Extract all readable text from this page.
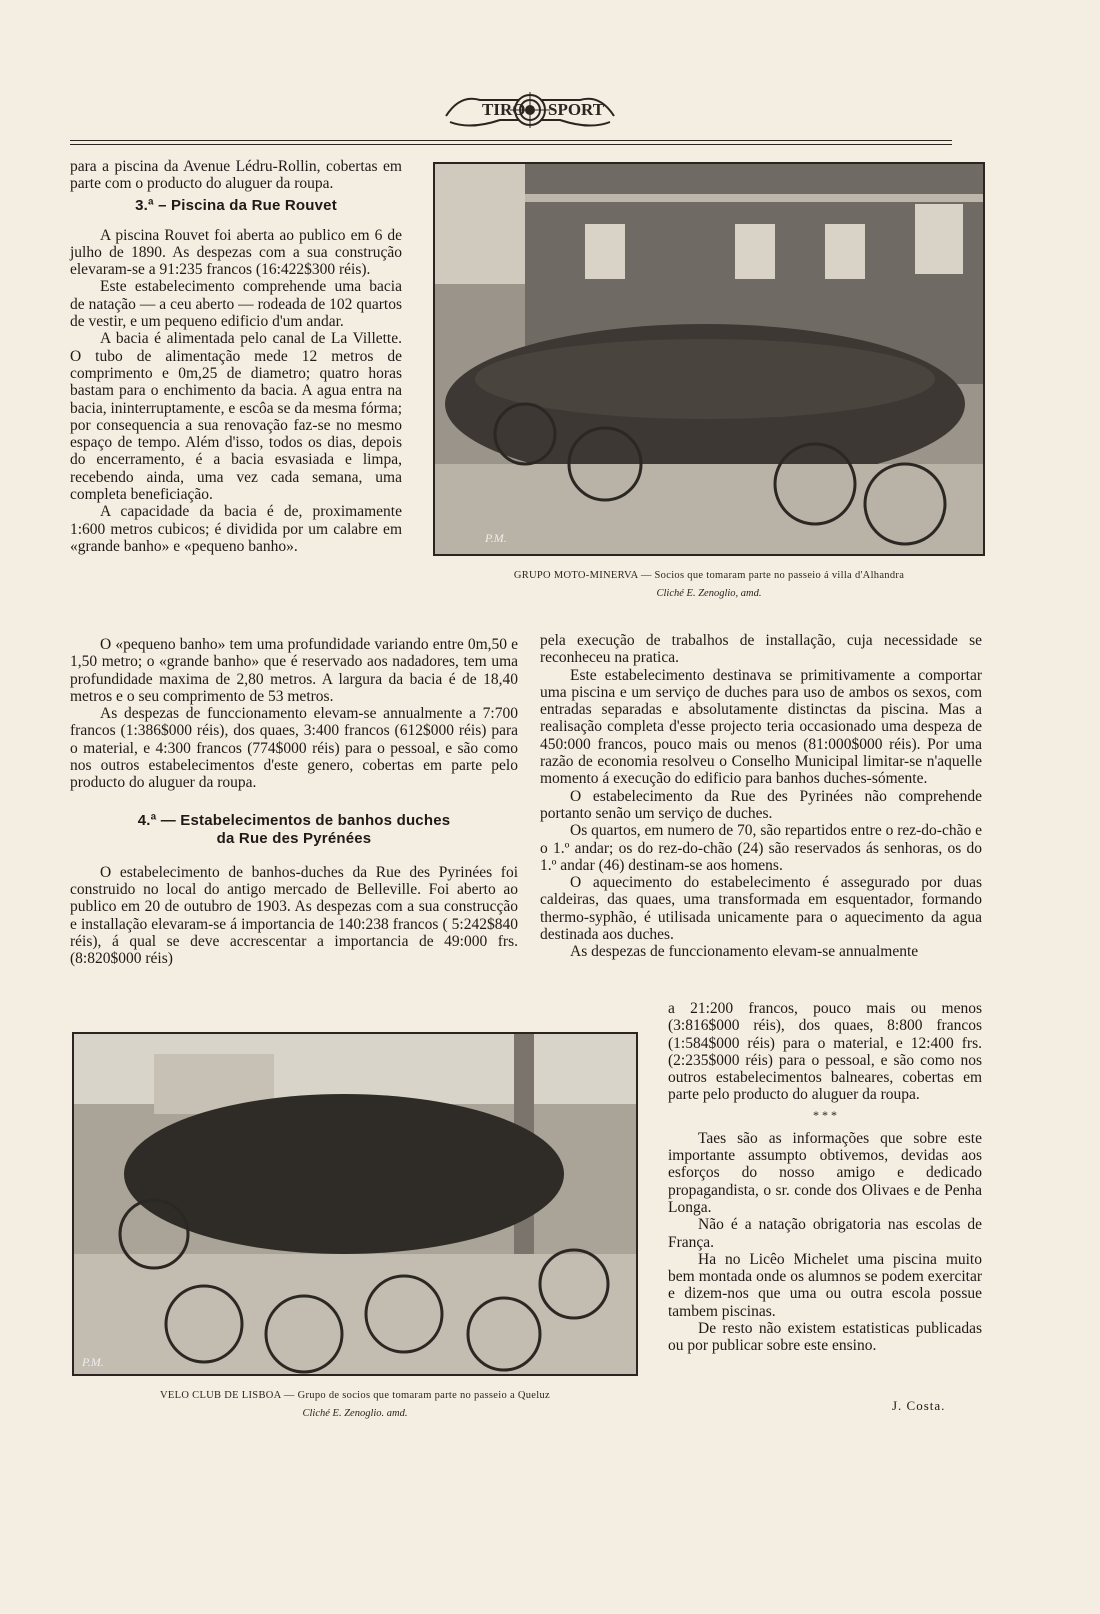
TIRO SPORT

para a piscina da Avenue Lédru-Rollin, cobertas em parte com o producto do aluguer da roupa.

3.ª – Piscina da Rue Rouvet

A piscina Rouvet foi aberta ao publico em 6 de julho de 1890. As despezas com a sua construção elevaram-se a 91:235 francos (16:422$300 réis).

Este estabelecimento comprehende uma bacia de natação — a ceu aberto — rodeada de 102 quartos de vestir, e um pequeno edificio d'um andar.

A bacia é alimentada pelo canal de La Villette. O tubo de alimentação mede 12 metros de comprimento e 0m,25 de diametro; quatro horas bastam para o enchimento da bacia. A agua entra na bacia, ininterruptamente, e escôa se da mesma fórma; por consequencia a sua renovação faz-se no mesmo espaço de tempo. Além d'isso, todos os dias, depois do encerramento, é a bacia esvasiada e limpa, recebendo ainda, uma vez cada semana, uma completa beneficiação.

A capacidade da bacia é de, proximamente 1:600 metros cubicos; é dividida por um calabre em «grande banho» e «pequeno banho».	P.M.
GRUPO MOTO-MINERVA — Socios que tomaram parte no passeio á villa d'Alhandra
Cliché E. Zenoglio, amd.

O «pequeno banho» tem uma profundidade variando entre 0m,50 e 1,50 metro; o «grande banho» que é reservado aos nadadores, tem uma profundidade maxima de 2,80 metros. A largura da bacia é de 18,40 metros e o seu comprimento de 53 metros.

As despezas de funccionamento elevam-se annualmente a 7:700 francos (1:386$000 réis), dos quaes, 3:400 francos (612$000 réis) para o material, e 4:300 francos (774$000 réis) para o pessoal, e são como nos outros estabelecimentos d'este genero, cobertas em parte pelo producto do aluguer da roupa.

4.ª — Estabelecimentos de banhos duches
da Rue des Pyrénées

O estabelecimento de banhos-duches da Rue des Pyrinées foi construido no local do antigo mercado de Belleville. Foi aberto ao publico em 20 de outubro de 1903. As despezas com a sua construcção e installação elevaram-se á importancia de 140:238 francos ( 5:242$840 réis), á qual se deve accrescentar a importancia de 49:000 frs. (8:820$000 réis)

P.M.
VELO CLUB DE LISBOA — Grupo de socios que tomaram parte no passeio a Queluz
Cliché E. Zenoglio. amd.

pela execução de trabalhos de installação, cuja necessidade se reconheceu na pratica.

Este estabelecimento destinava se primitivamente a comportar uma piscina e um serviço de duches para uso de ambos os sexos, com entradas separadas e absolutamente distinctas da piscina. Mas a realisação completa d'esse projecto teria occasionado uma despeza de 450:000 francos, pouco mais ou menos (81:000$000 réis). Por uma razão de economia resolveu o Conselho Municipal limitar-se n'aquelle momento á execução do edificio para banhos duches-sómente.

O estabelecimento da Rue des Pyrinées não comprehende portanto senão um serviço de duches.

Os quartos, em numero de 70, são repartidos entre o rez-do-chão e o 1.º andar; os do rez-do-chão (24) são reservados ás senhoras, os do 1.º andar (46) destinam-se aos homens.

O aquecimento do estabelecimento é assegurado por duas caldeiras, das quaes, uma transformada em esquentador, formando thermo-syphão, é utilisada unicamente para o aquecimento da agua destinada aos duches.

As despezas de funccionamento elevam-se annualmente

a 21:200 francos, pouco mais ou menos (3:816$000 réis), dos quaes, 8:800 francos (1:584$000 réis) para o material, e 12:400 frs. (2:235$000 réis) para o pessoal, e são como nos outros estabelecimentos balneares, cobertas em parte pelo producto do aluguer da roupa.

* * *

Taes são as informações que sobre este importante assumpto obtivemos, devidas aos esforços do nosso amigo e dedicado propagandista, o sr. conde dos Olivaes e de Penha Longa.

Não é a natação obrigatoria nas escolas de França.

Ha no Licêo Michelet uma piscina muito bem montada onde os alumnos se podem exercitar e dizem-nos que uma ou outra escola possue tambem piscinas.

De resto não existem estatisticas publicadas ou por publicar sobre este ensino.

J. Costa.
